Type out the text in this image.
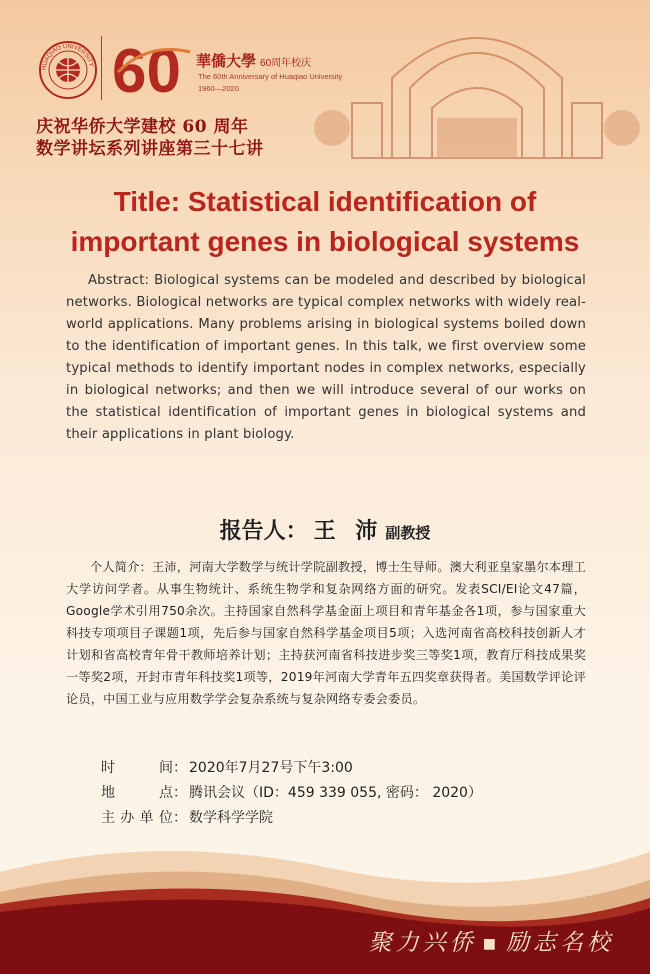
HUAQIAO UNIVERSITY 60 華僑大學 60周年校庆
The 60th Anniversary of Huaqiao University
1960—2020
庆祝华侨大学建校 60 周年
数学讲坛系列讲座第三十七讲
Title: Statistical identification of
important genes in biological systems
Abstract: Biological systems can be modeled and described by biological networks. Biological networks are typical complex networks with widely real-world applications. Many problems arising in biological systems boiled down to the identification of important genes. In this talk, we first overview some typical methods to identify important nodes in complex networks, especially in biological networks; and then we will introduce several of our works on the statistical identification of important genes in biological systems and their applications in plant biology.
报告人： 王 沛 副教授
个人简介：王沛，河南大学数学与统计学院副教授，博士生导师。澳大利亚皇家墨尔本理工大学访问学者。从事生物统计、系统生物学和复杂网络方面的研究。发表SCI/EI论文47篇，Google学术引用750余次。主持国家自然科学基金面上项目和青年基金各1项，参与国家重大科技专项项目子课题1项，先后参与国家自然科学基金项目5项；入选河南省高校科技创新人才计划和省高校青年骨干教师培养计划；主持获河南省科技进步奖三等奖1项，教育厅科技成果奖一等奖2项，开封市青年科技奖1项等，2019年河南大学青年五四奖章获得者。美国数学评论评论员，中国工业与应用数学学会复杂系统与复杂网络专委会委员。
时　　间 ： 2020年7月27号下午3:00
地　　点 ： 腾讯会议（ID：459 339 055, 密码： 2020）
主办单位 ： 数学科学学院
聚力兴侨 ■ 励志名校
